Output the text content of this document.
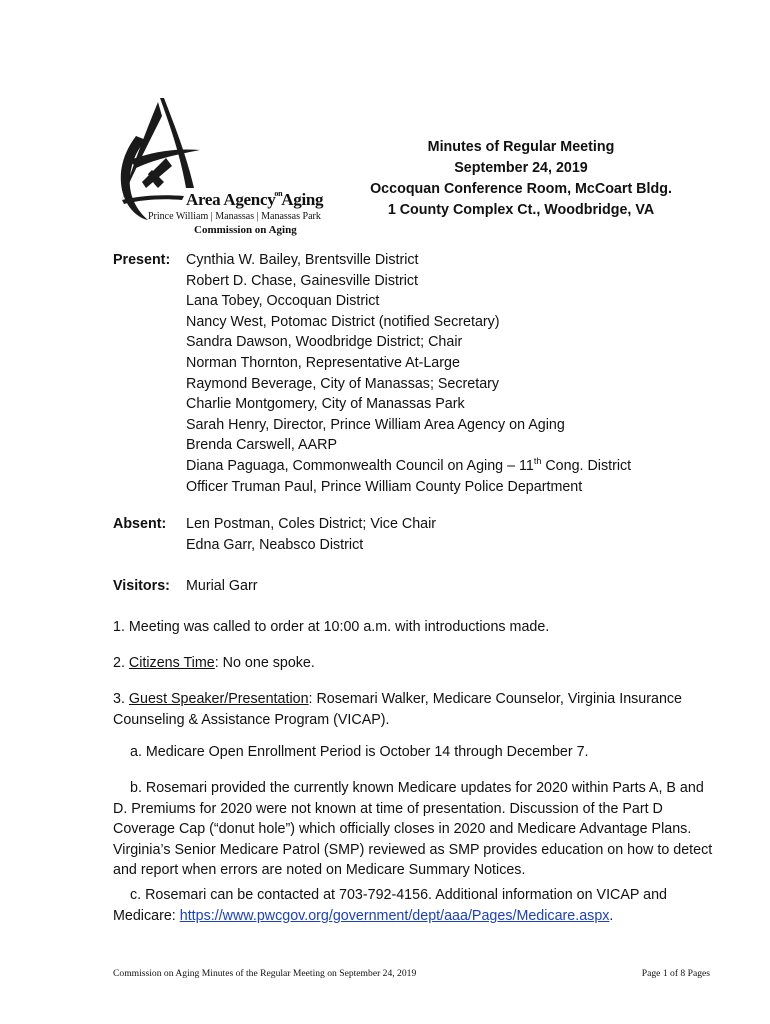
Area Agency$^{on}$Aging
Prince William | Manassas | Manassas Park
Commission on Aging
Minutes of Regular Meeting
September 24, 2019
Occoquan Conference Room, McCoart Bldg.
1 County Complex Ct., Woodbridge, VA
Present: Cynthia W. Bailey, Brentsville District
Robert D. Chase, Gainesville District
Lana Tobey, Occoquan District
Nancy West, Potomac District (notified Secretary)
Sandra Dawson, Woodbridge District; Chair
Norman Thornton, Representative At-Large
Raymond Beverage, City of Manassas; Secretary
Charlie Montgomery, City of Manassas Park
Sarah Henry, Director, Prince William Area Agency on Aging
Brenda Carswell, AARP
Diana Paguaga, Commonwealth Council on Aging – 11th Cong. District
Officer Truman Paul, Prince William County Police Department
Absent: Len Postman, Coles District; Vice Chair
Edna Garr, Neabsco District
Visitors: Murial Garr
1. Meeting was called to order at 10:00 a.m. with introductions made.
2. Citizens Time: No one spoke.
3. Guest Speaker/Presentation: Rosemari Walker, Medicare Counselor, Virginia Insurance Counseling & Assistance Program (VICAP).
a. Medicare Open Enrollment Period is October 14 through December 7.
b. Rosemari provided the currently known Medicare updates for 2020 within Parts A, B and D. Premiums for 2020 were not known at time of presentation. Discussion of the Part D Coverage Cap (“donut hole”) which officially closes in 2020 and Medicare Advantage Plans. Virginia’s Senior Medicare Patrol (SMP) reviewed as SMP provides education on how to detect and report when errors are noted on Medicare Summary Notices.
c. Rosemari can be contacted at 703-792-4156. Additional information on VICAP and Medicare: https://www.pwcgov.org/government/dept/aaa/Pages/Medicare.aspx.
Commission on Aging Minutes of the Regular Meeting on September 24, 2019	Page 1 of 8 Pages
